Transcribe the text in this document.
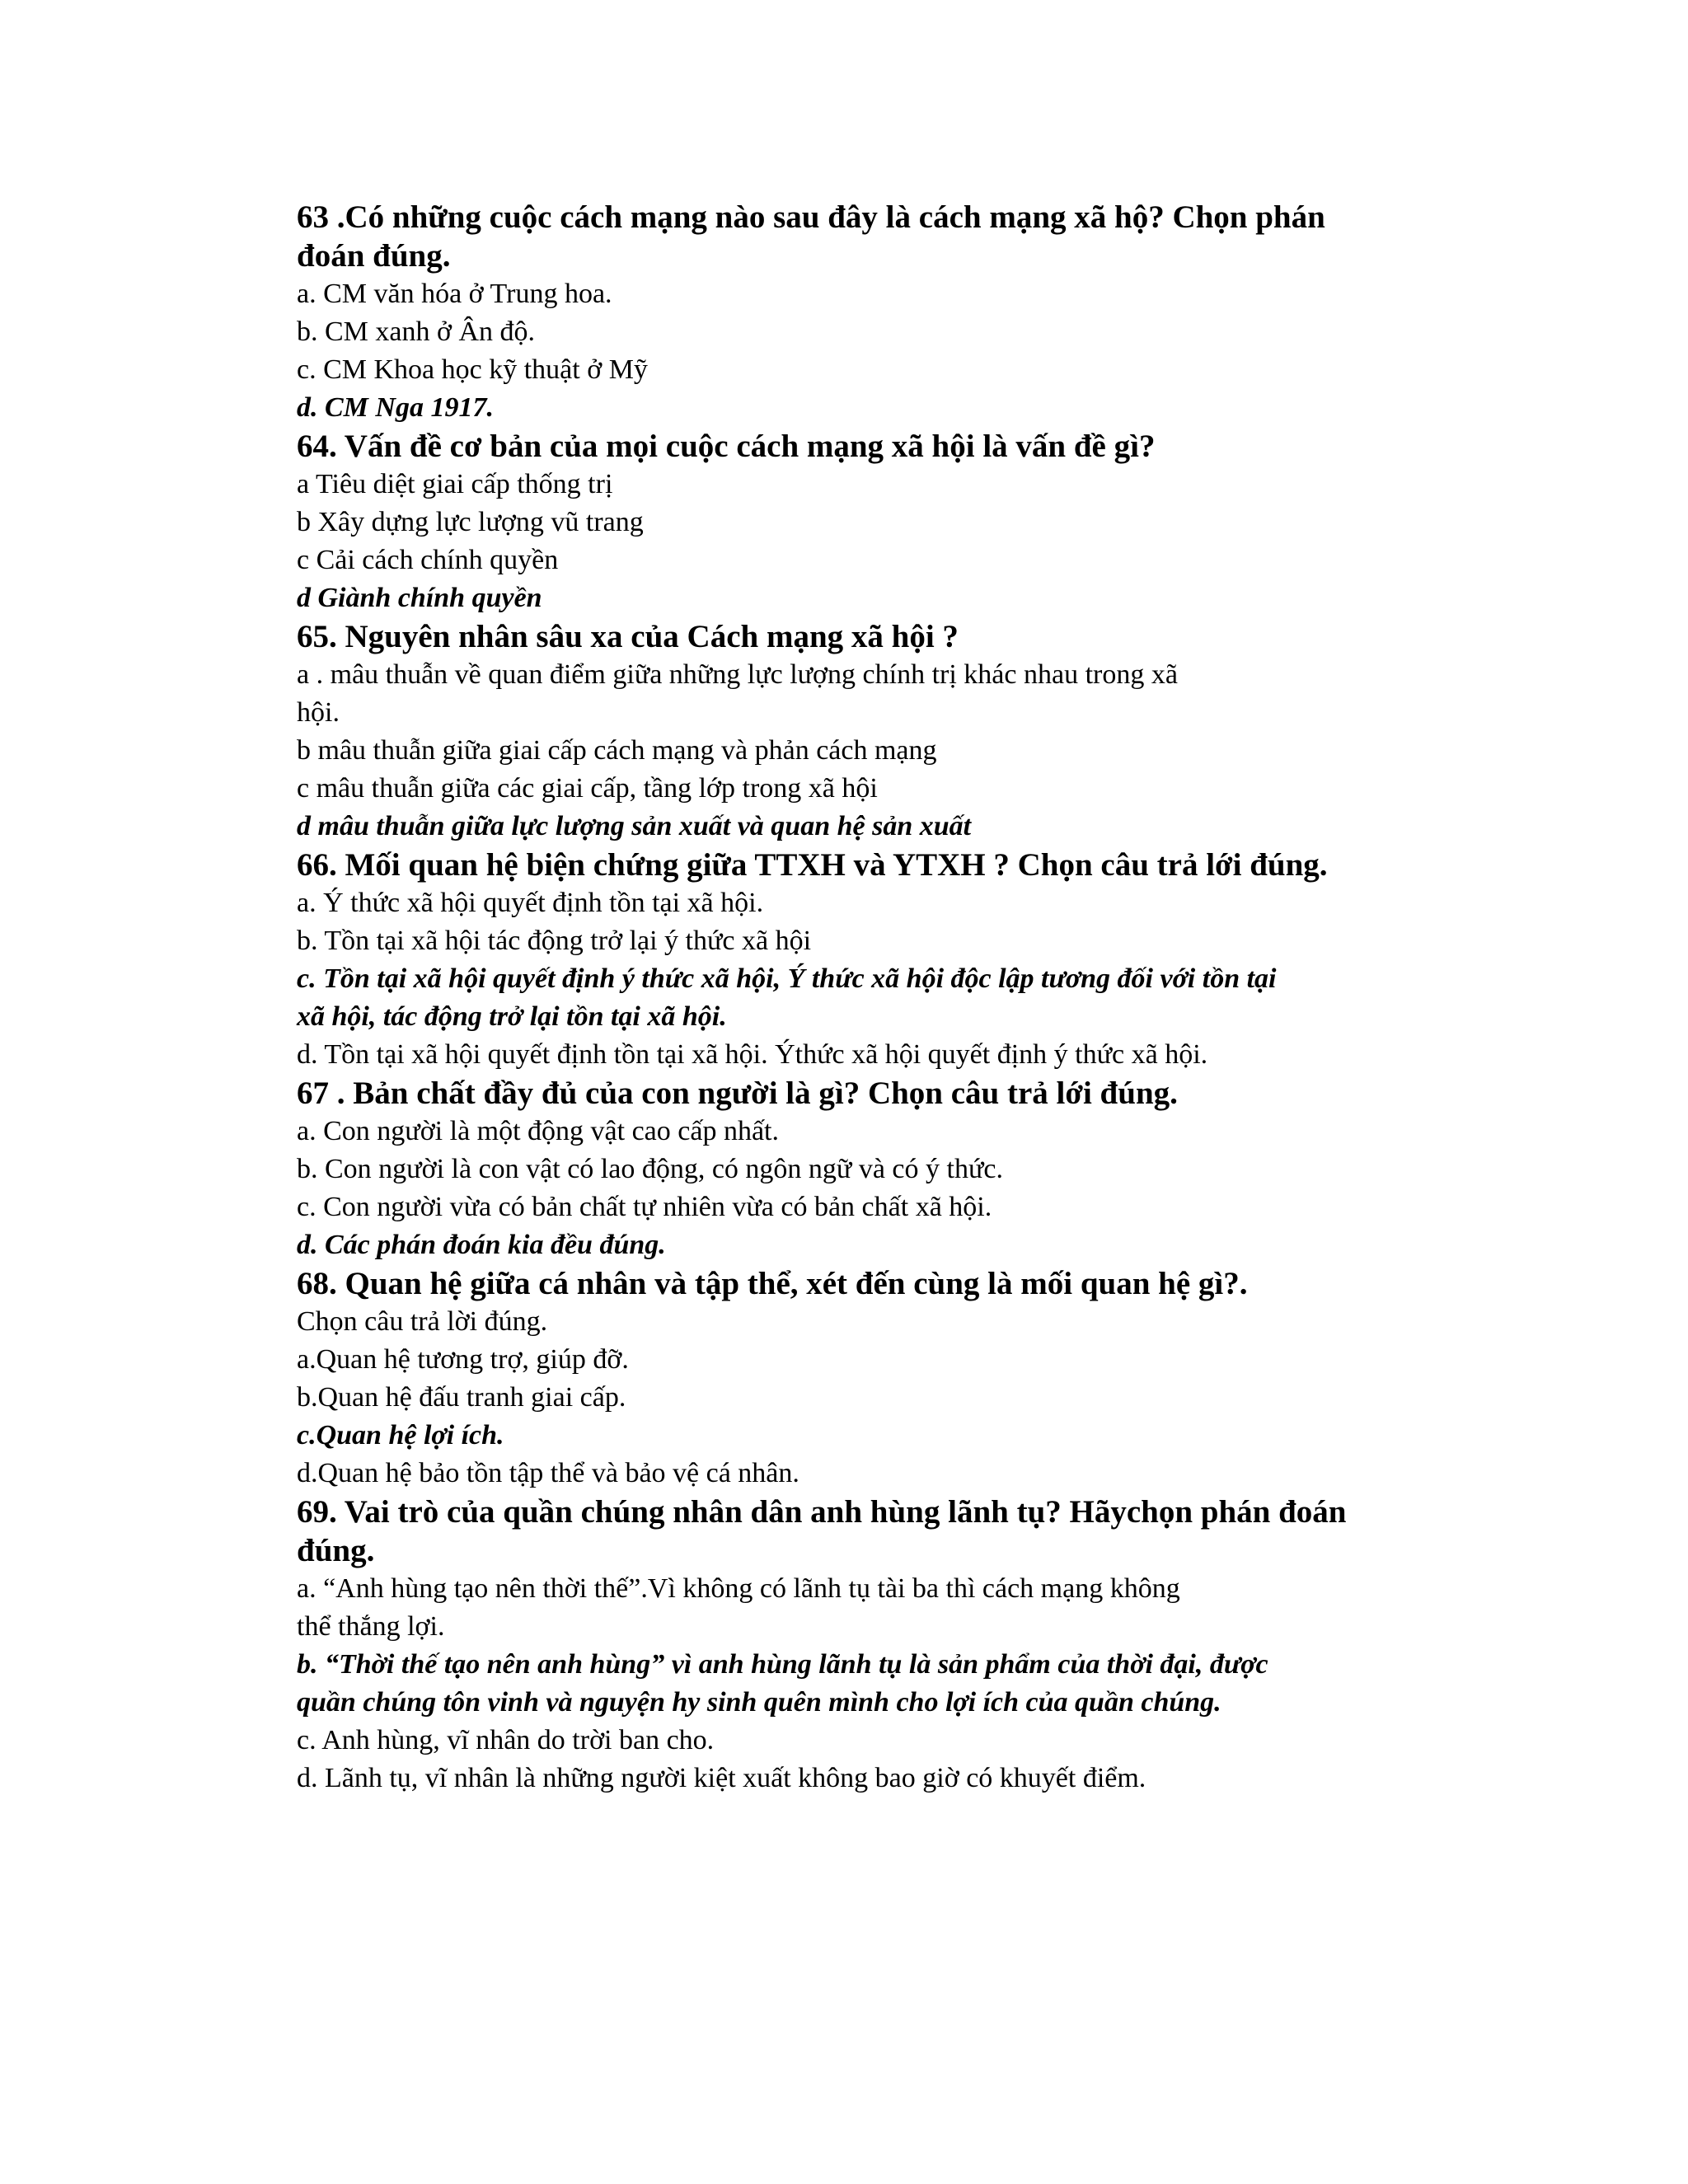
63 .Có những cuộc cách mạng nào sau đây là cách mạng xã hộ? Chọn phán đoán đúng.
a. CM văn hóa ở Trung hoa.
b. CM xanh ở Ân độ.
c. CM Khoa học kỹ thuật ở Mỹ
d. CM Nga 1917.
64. Vấn đề cơ bản của mọi cuộc cách mạng xã hội là vấn đề gì?
a Tiêu diệt giai cấp thống trị
b Xây dựng lực lượng vũ trang
c Cải cách chính quyền
d Giành chính quyền
65. Nguyên nhân sâu xa của Cách mạng xã hội ?
a . mâu thuẫn về quan điểm giữa những lực lượng chính trị khác nhau trong xã hội.
b mâu thuẫn giữa giai cấp cách mạng và phản cách mạng
c mâu thuẫn giữa các giai cấp, tầng lớp trong xã hội
d mâu thuẫn giữa lực lượng sản xuất và quan hệ sản xuất
66. Mối quan hệ biện chứng giữa TTXH và YTXH ? Chọn câu trả lới đúng.
a. Ý thức xã hội quyết định tồn tại xã hội.
b. Tồn tại xã hội tác động trở lại ý thức xã hội
c. Tồn tại xã hội quyết định ý thức xã hội, Ý thức xã hội độc lập tương đối với tồn tại xã hội, tác động trở lại tồn tại xã hội.
d. Tồn tại xã hội quyết định tồn tại xã hội. Ýthức xã hội quyết định ý thức xã hội.
67 . Bản chất đầy đủ của con người là gì? Chọn câu trả lới đúng.
a. Con người là một động vật cao cấp nhất.
b. Con người là con vật có lao động, có ngôn ngữ và có ý thức.
c. Con người vừa có bản chất tự nhiên vừa có bản chất xã hội.
d. Các phán đoán kia đều đúng.
68. Quan hệ giữa cá nhân và tập thể, xét đến cùng là mối quan hệ gì?.
Chọn câu trả lời đúng.
a.Quan hệ tương trợ, giúp đỡ.
b.Quan hệ đấu tranh giai cấp.
c.Quan hệ lợi ích.
d.Quan hệ bảo tồn tập thể và bảo vệ cá nhân.
69. Vai trò của quần chúng nhân dân anh hùng lãnh tụ? Hãychọn phán đoán đúng.
a. “Anh hùng tạo nên thời thế”.Vì không có lãnh tụ tài ba thì cách mạng không thể thắng lợi.
b. “Thời thế tạo nên anh hùng” vì anh hùng lãnh tụ là sản phẩm của thời đại, được quần chúng tôn vinh và nguyện hy sinh quên mình cho lợi ích của quần chúng.
c. Anh hùng, vĩ nhân do trời ban cho.
d. Lãnh tụ, vĩ nhân là những người kiệt xuất không bao giờ có khuyết điểm.
